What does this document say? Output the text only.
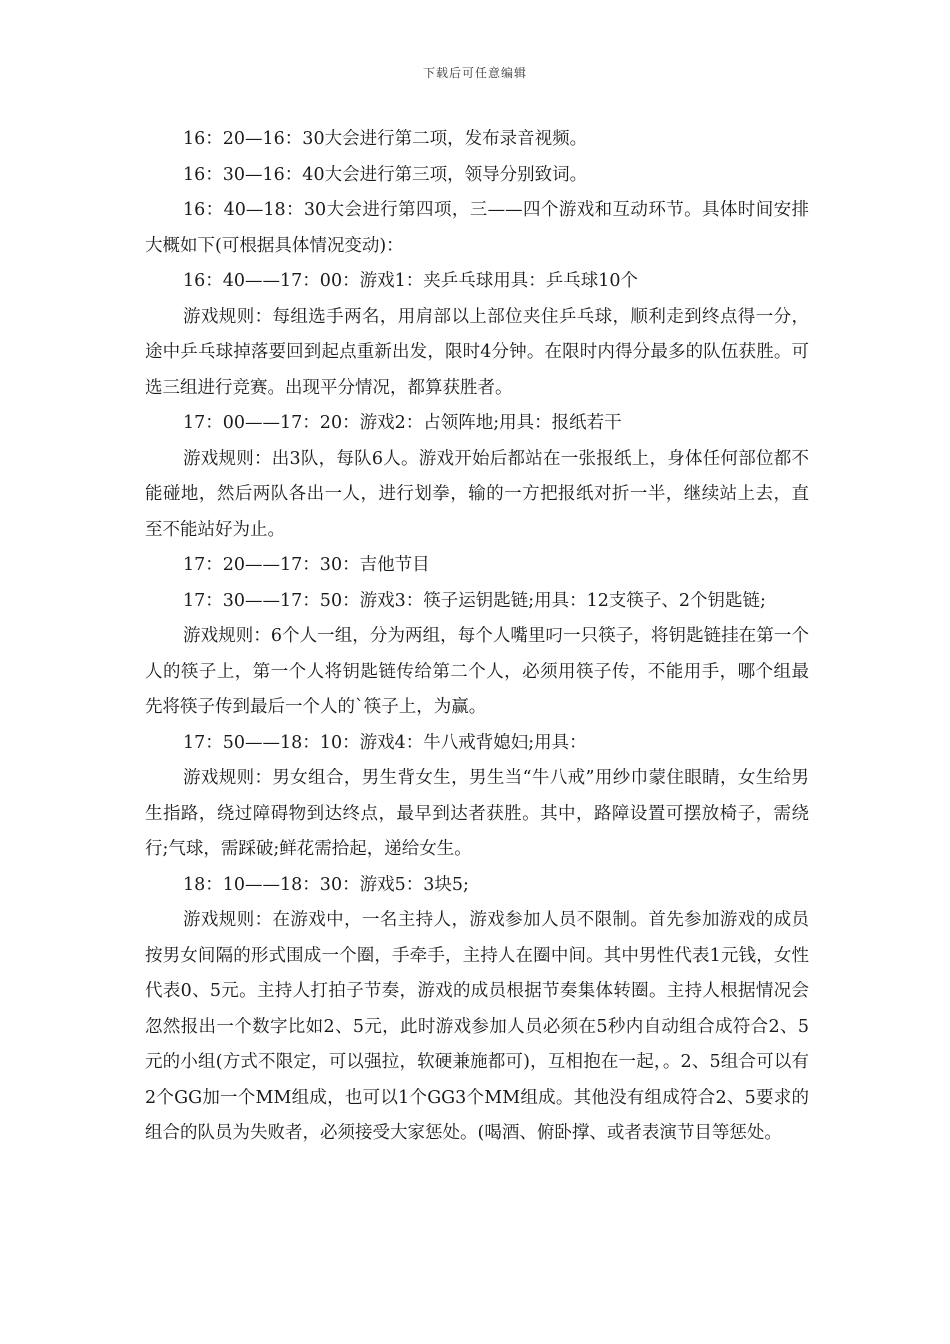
下载后可任意编辑

16：20—16：30大会进行第二项，发布录音视频。

16：30—16：40大会进行第三项，领导分别致词。

16：40—18：30大会进行第四项，三——四个游戏和互动环节。具体时间安排大概如下(可根据具体情况变动)：

16：40——17：00：游戏1：夹乒乓球用具：乒乓球10个

游戏规则：每组选手两名，用肩部以上部位夹住乒乓球，顺利走到终点得一分，途中乒乓球掉落要回到起点重新出发，限时4分钟。在限时内得分最多的队伍获胜。可选三组进行竞赛。出现平分情况，都算获胜者。

17：00——17：20：游戏2：占领阵地;用具：报纸若干

游戏规则：出3队，每队6人。游戏开始后都站在一张报纸上，身体任何部位都不能碰地，然后两队各出一人，进行划拳，输的一方把报纸对折一半，继续站上去，直至不能站好为止。

17：20——17：30：吉他节目

17：30——17：50：游戏3：筷子运钥匙链;用具：12支筷子、2个钥匙链;

游戏规则：6个人一组，分为两组，每个人嘴里叼一只筷子，将钥匙链挂在第一个人的筷子上，第一个人将钥匙链传给第二个人，必须用筷子传，不能用手，哪个组最先将筷子传到最后一个人的`筷子上，为赢。

17：50——18：10：游戏4：牛八戒背媳妇;用具：

游戏规则：男女组合，男生背女生，男生当“牛八戒”用纱巾蒙住眼睛，女生给男生指路，绕过障碍物到达终点，最早到达者获胜。其中，路障设置可摆放椅子，需绕行;气球，需踩破;鲜花需拾起，递给女生。

18：10——18：30：游戏5：3块5;

游戏规则：在游戏中，一名主持人，游戏参加人员不限制。首先参加游戏的成员按男女间隔的形式围成一个圈，手牵手，主持人在圈中间。其中男性代表1元钱，女性代表0、5元。主持人打拍子节奏，游戏的成员根据节奏集体转圈。主持人根据情况会忽然报出一个数字比如2、5元，此时游戏参加人员必须在5秒内自动组合成符合2、5元的小组(方式不限定，可以强拉，软硬兼施都可)，互相抱在一起，。2、5组合可以有2个GG加一个MM组成，也可以1个GG3个MM组成。其他没有组成符合2、5要求的组合的队员为失败者，必须接受大家惩处。(喝酒、俯卧撑、或者表演节目等惩处。
